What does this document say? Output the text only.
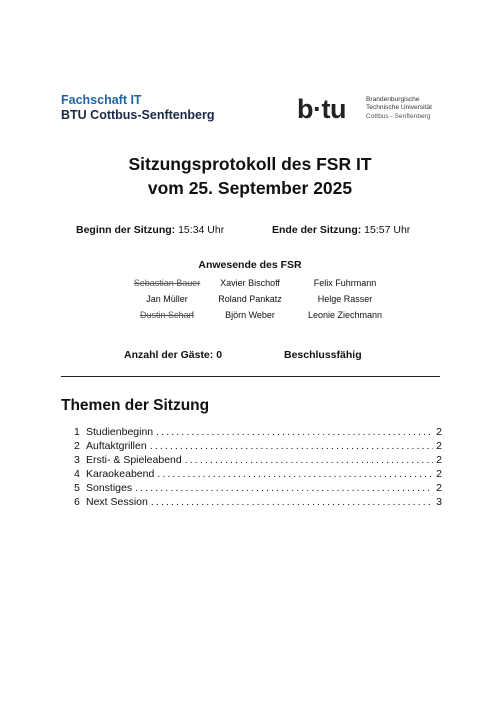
Fachschaft IT
BTU Cottbus-Senftenberg	b·tu	Brandenburgische
Technische Universität
Cottbus - Senftenberg
Sitzungsprotokoll des FSR IT
vom 25. September 2025
Beginn der Sitzung: 15:34 Uhr	Ende der Sitzung: 15:57 Uhr
Anwesende des FSR
Sebastian Bauer	Xavier Bischoff	Felix Fuhrmann
Jan Müller	Roland Pankatz	Helge Rasser
Dustin Scharf	Björn Weber	Leonie Ziechmann
Anzahl der Gäste: 0	Beschlussfähig
Themen der Sitzung
1 Studienbeginn . . .	2
2 Auftaktgrillen . . .	2
3 Ersti- & Spieleabend . . .	2
4 Karaokeabend . . .	2
5 Sonstiges . . .	2
6 Next Session . . .	3
